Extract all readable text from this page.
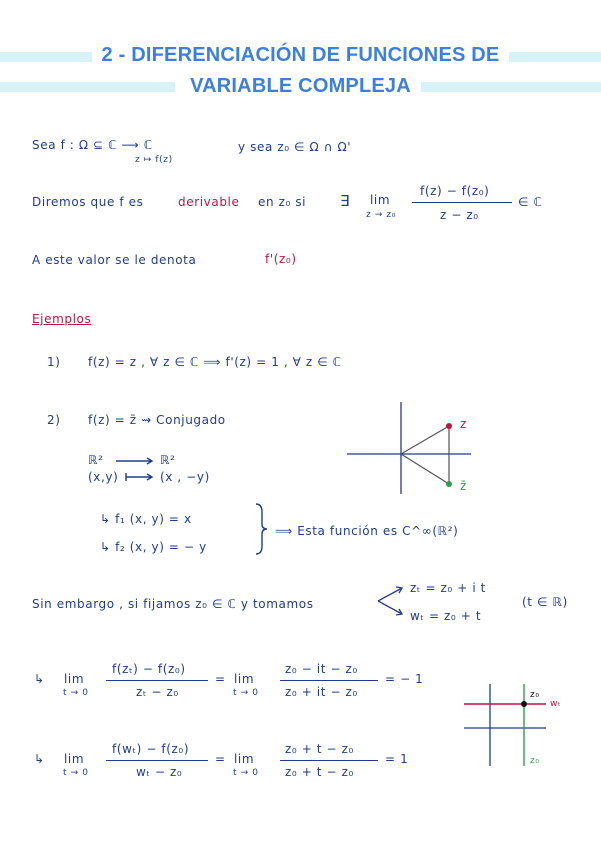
2 - DIFERENCIACIÓN DE FUNCIONES DE
VARIABLE COMPLEJA
Sea f : Ω ⊆ ℂ ⟶ ℂ
z ↦ f(z)
y sea z₀ ∈ Ω ∩ Ω'
Diremos que f es	derivable en z₀ si ∃ lim
z → z₀
f(z) − f(z₀)
z − z₀
∈ ℂ
A este valor se le denota	f'(z₀)
Ejemplos
1) f(z) = z , ∀ z ∈ ℂ ⟹ f'(z) = 1 , ∀ z ∈ ℂ
2) f(z) = z̄ ⇝ Conjugado
ℝ²	ℝ²
(x,y)	(x , −y)
↳ f₁ (x, y) = x
↳ f₂ (x, y) = − y
⟹ Esta función es C^∞(ℝ²)
z
z̄
Sin embargo , si fijamos z₀ ∈ ℂ y tomamos
zₜ = z₀ + i t
wₜ = z₀ + t
(t ∈ ℝ)
↳ lim
t → 0
f(zₜ) − f(z₀)
zₜ − z₀
= lim
t → 0
z₀ − it − z₀
z₀ + it − z₀
= − 1
↳ lim
t → 0
f(wₜ) − f(z₀)
wₜ − z₀
= lim
t → 0
z₀ + t − z₀
z₀ + t − z₀
= 1
z₀
wₜ
z₀
